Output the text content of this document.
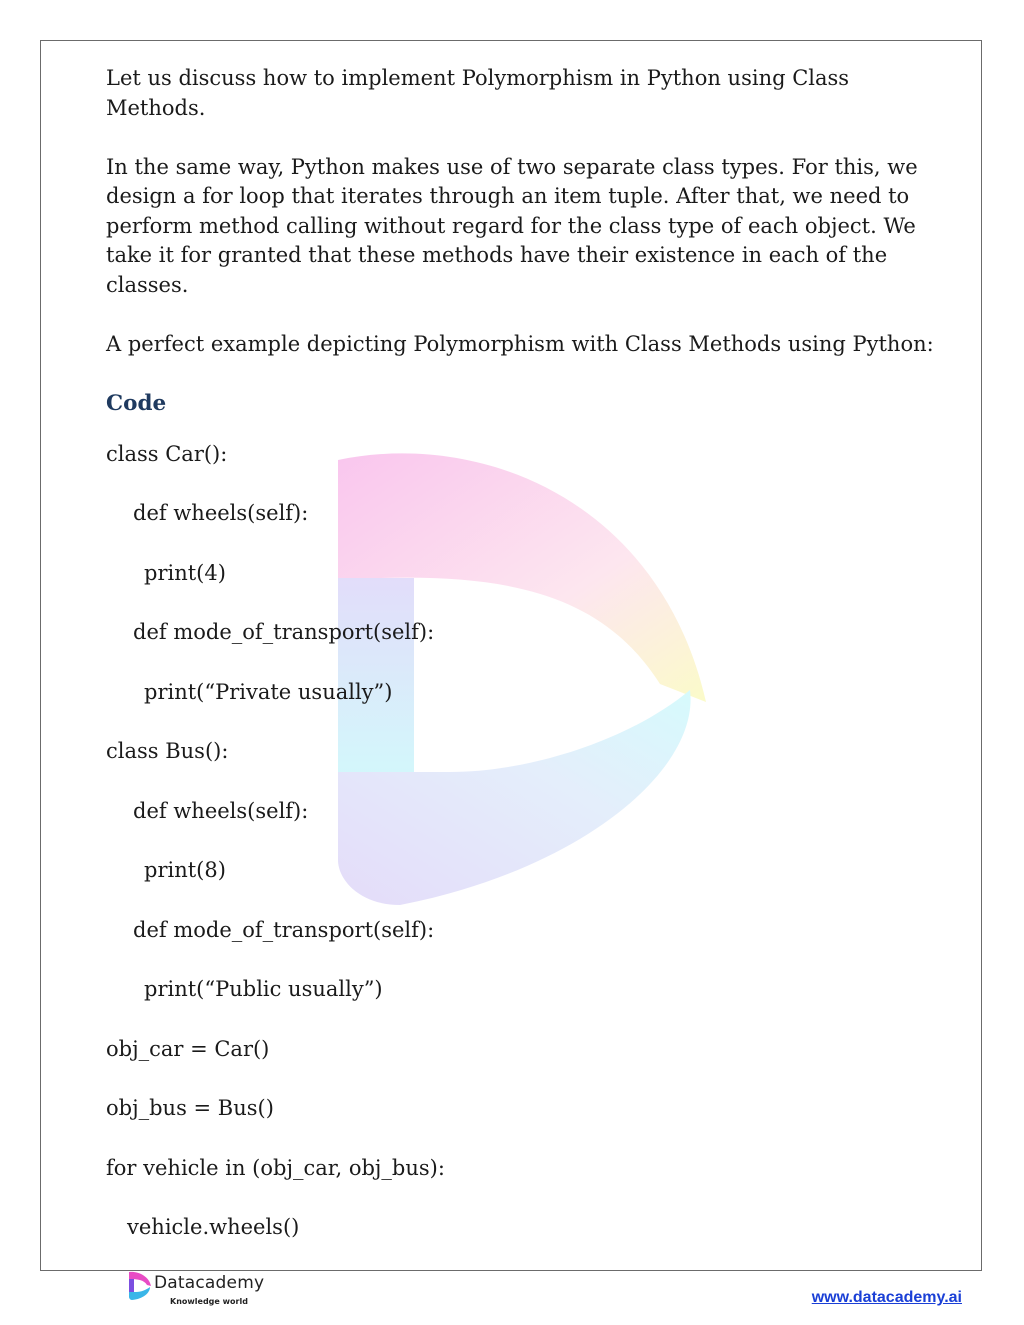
Let us discuss how to implement Polymorphism in Python using Class Methods.

In the same way, Python makes use of two separate class types. For this, we design a for loop that iterates through an item tuple. After that, we need to perform method calling without regard for the class type of each object. We take it for granted that these methods have their existence in each of the classes.

A perfect example depicting Polymorphism with Class Methods using Python:

Code
class Car():
def wheels(self):
print(4)
def mode_of_transport(self):
print(“Private usually”)
class Bus():
def wheels(self):
print(8)
def mode_of_transport(self):
print(“Public usually”)
obj_car = Car()
obj_bus = Bus()
for vehicle in (obj_car, obj_bus):
vehicle.wheels()
Datacademy
Knowledge world	www.datacademy.ai
